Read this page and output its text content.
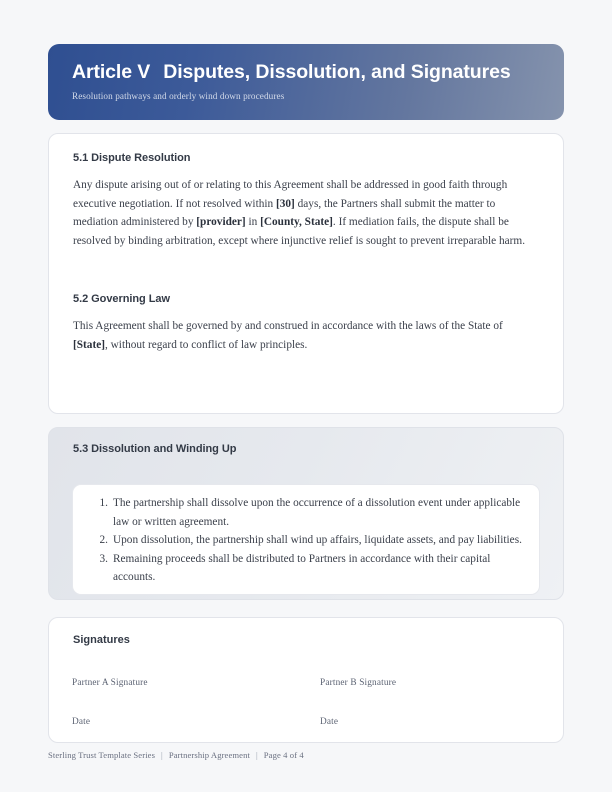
Article V Disputes, Dissolution, and Signatures
Resolution pathways and orderly wind down procedures
5.1 Dispute Resolution

Any dispute arising out of or relating to this Agreement shall be addressed in good faith through executive negotiation. If not resolved within [30] days, the Partners shall submit the matter to mediation administered by [provider] in [County, State]. If mediation fails, the dispute shall be resolved by binding arbitration, except where injunctive relief is sought to prevent irreparable harm.

5.2 Governing Law

This Agreement shall be governed by and construed in accordance with the laws of the State of [State], without regard to conflict of law principles.

5.3 Dissolution and Winding Up
The partnership shall dissolve upon the occurrence of a dissolution event under applicable law or written agreement.
Upon dissolution, the partnership shall wind up affairs, liquidate assets, and pay liabilities.
Remaining proceeds shall be distributed to Partners in accordance with their capital accounts.
Signatures
Partner A Signature
Date
Partner B Signature
Date
Sterling Trust Template Series | Partnership Agreement | Page 4 of 4
